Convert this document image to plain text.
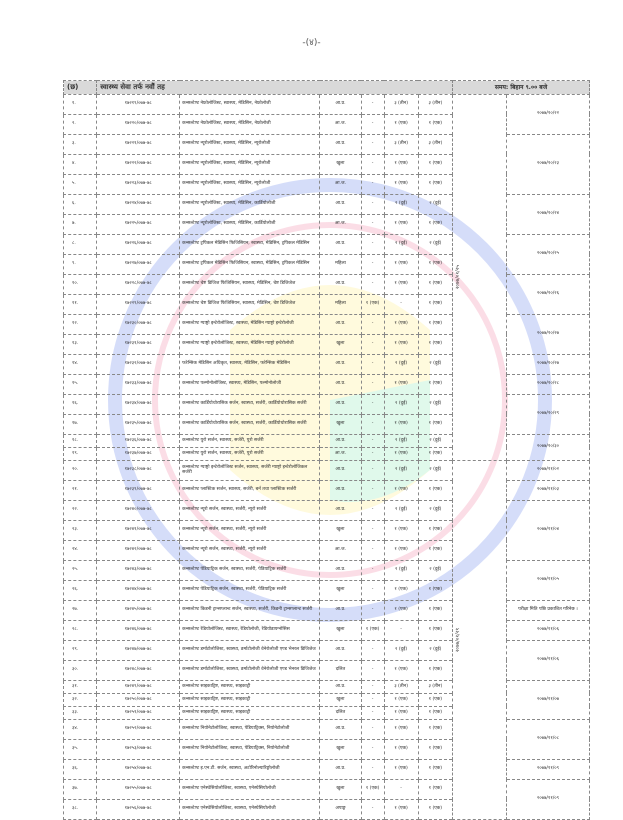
-(४)-
(छ)	स्वास्थ्य सेवा तर्फ नवौं तह						समय: बिहान ९.०० बजे	
१.	१७२१९/०७७-७८	कन्सल्टेण्ट नेफ्रोलोजिस्ट, स्वास्थ्य, मेडिसिन, नेफ्रोलोजी	आ.प्र.	-	३ (तीन)	३ (तीन)	२०७७/०१/२५	२०७७/१०/२२
२.	१७२२०/०७७-७८	कन्सल्टेण्ट नेफ्रोलोजिस्ट, स्वास्थ्य, मेडिसिन, नेफ्रोलोजी	आ.ज.	-	१ (एक)	१ (एक)		
३.	१७२२१/०७७-७८	कन्सल्टेण्ट न्यूरोलोजिस्ट, स्वास्थ्य, मेडिसिन, न्यूरोलोजी	आ.प्र.	-	३ (तीन)	३ (तीन)		२०७७/१०/२३
४.	१७२२२/०७७-७८	कन्सल्टेण्ट न्यूरोलोजिस्ट, स्वास्थ्य, मेडिसिन, न्यूरोलोजी	खुला	-	१ (एक)	१ (एक)		
५.	१७२२३/०७७-७८	कन्सल्टेण्ट न्यूरोलोजिस्ट, स्वास्थ्य, मेडिसिन, न्यूरोलोजी	आ.ज.	-	१ (एक)	१ (एक)		
६.	१७२२४/०७७-७८	कन्सल्टेण्ट न्यूरोलोजिस्ट, स्वास्थ्य, मेडिसिन, कार्डियोलोजी	आ.प्र.	-	२ (दुई)	२ (दुई)		२०७७/१०/२४
७.	१७२२५/०७७-७८	कन्सल्टेण्ट न्यूरोलोजिस्ट, स्वास्थ्य, मेडिसिन, कार्डियोलोजी	आ.ज.	-	१ (एक)	१ (एक)		
८.	१७२२६/०७७-७८	कन्सल्टेण्ट ट्रपिकल मेडिसिन फिजिसियन, स्वास्थ्य, मेडिसिन, ट्रपिकल मेडिसिन	आ.प्र.	-	२ (दुई)	२ (दुई)		२०७७/१०/२५
९.	१७२२७/०७७-७८	कन्सल्टेण्ट ट्रपिकल मेडिसिन फिजिसियन, स्वास्थ्य, मेडिसिन, ट्रपिकल मेडिसिन	महिला	-	१ (एक)	१ (एक)		
१०.	१७२२८/०७७-७८	कन्सल्टेण्ट चेष्ट डिजिज फिजिसियन, स्वास्थ्य, मेडिसिन, चेष्ट डिजिजेज	आ.प्र.	-	१ (एक)	१ (एक)		२०७७/१०/२६
११.	१७२२९/०७७-७८	कन्सल्टेण्ट चेष्ट डिजिज फिजिसियन, स्वास्थ्य, मेडिसिन, चेष्ट डिजिजेज	महिला	१ (एक)	-	१ (एक)		
१२.	१७२३०/०७७-७८	कन्सल्टेण्ट ग्याष्ट्रो इन्टेरोलोजिस्ट, स्वास्थ्य, मेडिसिन ग्याष्ट्रो इन्टेरोलोजी	आ.प्र.	-	१ (एक)	१ (एक)		२०७७/१०/२७
१३.	१७२३१/०७७-७८	कन्सल्टेण्ट ग्याष्ट्रो इन्टेरोलोजिस्ट, स्वास्थ्य, मेडिसिन ग्याष्ट्रो इन्टेरोलोजी	खुला	-	१ (एक)	१ (एक)		
१४.	१७२३२/०७७-७८	फरेन्सिक मेडिसिन अधिकृत, स्वास्थ्य, मेडिसिन, फरेन्सिक मेडिसिन	आ.प्र.	-	२ (दुई)	२ (दुई)		२०७७/१०/२७
१५.	१७२३३/०७७-७८	कन्सल्टेण्ट पल्मोनोलोजिस्ट, स्वास्थ्य, मेडिसिन, पल्मोनोलोजी	आ.प्र.	-	१ (एक)	१ (एक)		२०७७/१०/२८
१६.	१७२३४/०७७-७८	कन्सल्टेण्ट कार्डियोथोरासिक सर्जन, स्वास्थ्य, सर्जरी, कार्डियोथोरासिक सर्जरी	आ.प्र.	-	२ (दुई)	२ (दुई)		२०७७/१०/२९
१७.	१७२३५/०७७-७८	कन्सल्टेण्ट कार्डियोथोरासिक सर्जन, स्वास्थ्य, सर्जरी, कार्डियोथोरासिक सर्जरी	खुला	-	१ (एक)	१ (एक)		
१८.	१७२३६/०७७-७८	कन्सल्टेण्ट युरो सर्जन, स्वास्थ्य, सर्जरी, युरो सर्जरी	आ.प्र.	-	२ (दुई)	२ (दुई)		२०७७/१०/३०
१९.	१७२३७/०७७-७८	कन्सल्टेण्ट युरो सर्जन, स्वास्थ्य, सर्जरी, युरो सर्जरी	आ.ज.	-	१ (एक)	१ (एक)		
२०.	१७२३८/०७७-७८	कन्सल्टेण्ट ग्याष्ट्रो इन्टेरोलोजिस्ट सर्जन, स्वास्थ्य, सर्जरी ग्याष्ट्रो इन्टेरोलोजिकल सर्जरी	आ.प्र.	-	२ (दुई)	२ (दुई)	२०७७/०१/२९	२०७७/११/०२
२१.	१७२३९/०७७-७८	कन्सल्टेण्ट प्लास्टिक सर्जन, स्वास्थ्य, सर्जरी, बर्न तथा प्लास्टिक सर्जरी	आ.प्र.	-	१ (एक)	१ (एक)		२०७७/११/०३
२२.	१७२४०/०७७-७८	कन्सल्टेण्ट न्यूरो सर्जन, स्वास्थ्य, सर्जरी, न्यूरो सर्जरी	आ.प्र.	-	२ (दुई)	२ (दुई)		२०७७/११/०४
२३.	१७२४१/०७७-७८	कन्सल्टेण्ट न्यूरो सर्जन, स्वास्थ्य, सर्जरी, न्यूरो सर्जरी	खुला	-	१ (एक)	१ (एक)		
२४.	१७२४२/०७७-७८	कन्सल्टेण्ट न्यूरो सर्जन, स्वास्थ्य, सर्जरी, न्यूरो सर्जरी	आ.ज.	-	१ (एक)	१ (एक)		
२५.	१७२४३/०७७-७८	कन्सल्टेण्ट पेडियाट्रिक सर्जन, स्वास्थ्य, सर्जरी, पेडियाट्रिक सर्जरी	आ.प्र.	-	२ (दुई)	२ (दुई)		२०७७/११/०५
२६.	१७२४४/०७७-७८	कन्सल्टेण्ट पेडियाट्रिक सर्जन, स्वास्थ्य, सर्जरी, पेडियाट्रिक सर्जरी	खुला	-	१ (एक)	१ (एक)		
२७.	१७२४५/०७७-७८	कन्सल्टेण्ट किडनी ट्रान्सप्लान्ट सर्जन, स्वास्थ्य, सर्जरी, किडनी ट्रान्सप्लान्ट सर्जरी	आ.प्र.	-	१ (एक)	१ (एक)		परीक्षा मिति पछि प्रकाशित गरिनेछ ।
२८.	१७२४६/०७७-७८	कन्सल्टेण्ट रेडियोलोजिस्ट, स्वास्थ्य, रेडियोलोजी, रेडियोडायग्नोसिस	खुला	१ (एक)	-	१ (एक)		२०७७/११/०६
२९.	१७२४७/०७७-७८	कन्सल्टेण्ट डर्माटोलोजिस्ट, स्वास्थ्य, डर्माटोलोजी वेनेरोलोजी एण्ड भेनरल डिजिजेज	आ.प्र.	-	२ (दुई)	२ (दुई)		२०७७/११/०६
३०.	१७२४८/०७७-७८	कन्सल्टेण्ट डर्माटोलोजिस्ट, स्वास्थ्य, डर्माटोलोजी वेनेरोलोजी एण्ड भेनरल डिजिजेज	दलित	-	१ (एक)	१ (एक)		
३१.	१७२४९/०७७-७८	कन्सल्टेण्ट साइकाट्रिष्ट, स्वास्थ्य, साइकाट्री	आ.प्र.	-	३ (तीन)	३ (तीन)		२०७७/११/०७
३२.	१७२५०/०७७-७८	कन्सल्टेण्ट साइकाट्रिष्ट, स्वास्थ्य, साइकाट्री	खुला	-	१ (एक)	१ (एक)		
३३.	१७२५१/०७७-७८	कन्सल्टेण्ट साइकाट्रिष्ट, स्वास्थ्य, साइकाट्री	दलित	-	१ (एक)	१ (एक)		
३४.	१७२५२/०७७-७८	कन्सल्टेण्ट नियोनेटोलोजिस्ट, स्वास्थ्य, पेडियाट्रिक्स, नियोनेटोलोजी	आ.प्र.	-	१ (एक)	१ (एक)		२०७७/११/०८
३५.	१७२५३/०७७-७८	कन्सल्टेण्ट नियोनेटोलोजिस्ट, स्वास्थ्य, पेडियाट्रिक्स, नियोनेटोलोजी	खुला	-	१ (एक)	१ (एक)		
३६.	१७२५४/०७७-७८	कन्सल्टेण्ट इ.एन.टी. सर्जन, स्वास्थ्य, अटोरिनोल्यारिङ्गोलोजी	आ.प्र.	-	१ (एक)	१ (एक)		२०७७/११/०९
३७.	१७२५५/०७७-७८	कन्सल्टेण्ट एनेस्थेसियोलोजिस्ट, स्वास्थ्य, एनेस्थेसियोलोजी	खुला	१ (एक)	-	१ (एक)		२०७७/११/०९
३८.	१७२५६/०७७-७८	कन्सल्टेण्ट एनेस्थेसियोलोजिस्ट, स्वास्थ्य, एनेस्थेसियोलोजी	अपाङ्ग	-	१ (एक)	१ (एक)		
